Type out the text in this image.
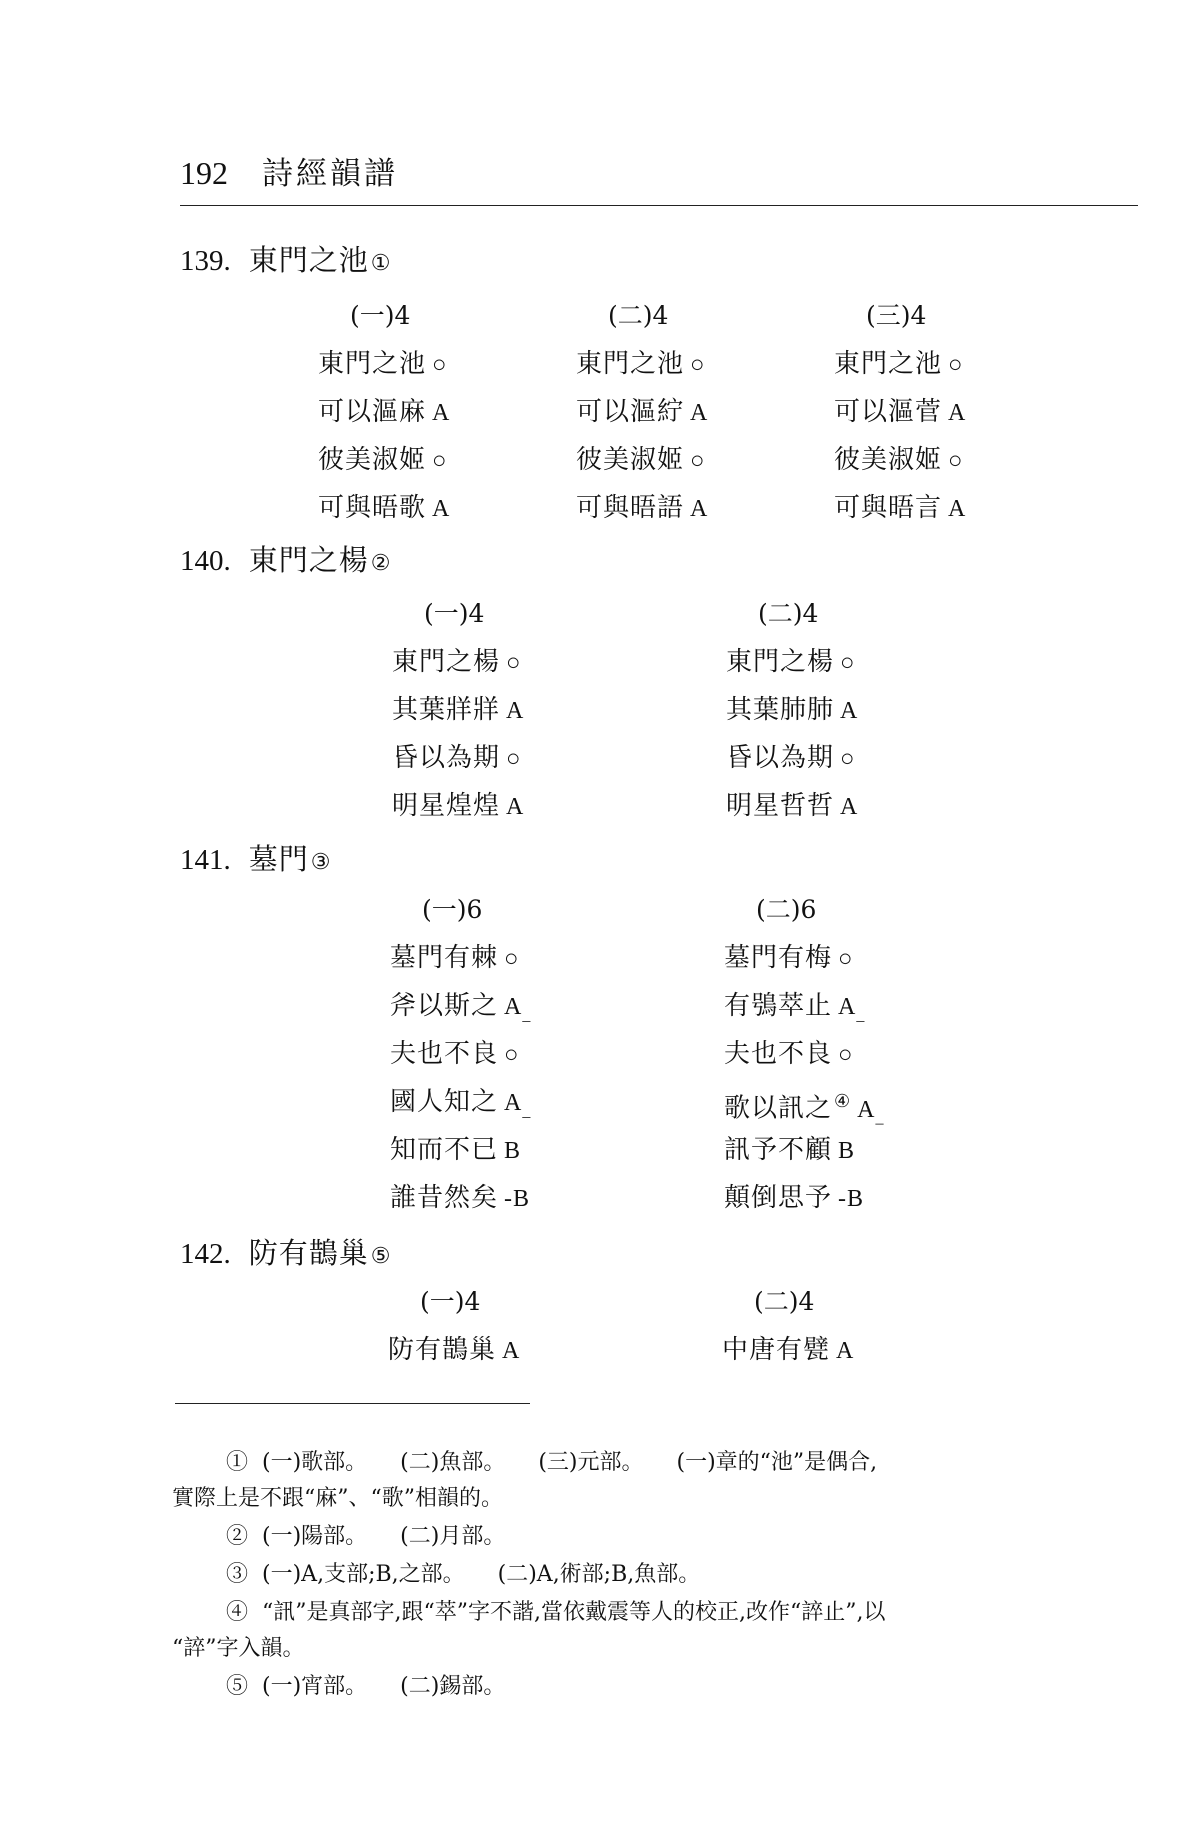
192 詩經韻譜
139. 東門之池 ①
(一)4
東門之池 ○
可以漚麻 A
彼美淑姬 ○
可與晤歌 A
(二)4
東門之池 ○
可以漚紵 A
彼美淑姬 ○
可與晤語 A
(三)4
東門之池 ○
可以漚菅 A
彼美淑姬 ○
可與晤言 A
140. 東門之楊 ②
(一)4
東門之楊 ○
其葉牂牂 A
昏以為期 ○
明星煌煌 A
(二)4
東門之楊 ○
其葉肺肺 A
昏以為期 ○
明星哲哲 A
141. 墓門 ③
(一)6
墓門有棘 ○
斧以斯之 $A_{\_}$
夫也不良 ○
國人知之 $A_{\_}$
知而不已 B
誰昔然矣 -B
(二)6
墓門有梅 ○
有鴞萃止 $A_{\_}$
夫也不良 ○
歌以訊之 ④ $A_{\_}$
訊予不顧 B
顛倒思予 -B
142. 防有鵲巢 ⑤
(一)4
防有鵲巢 A
(二)4
中唐有甓 A
① (一)歌部。　　(二)魚部。　　(三)元部。　　(一)章的“池”是偶合,
實際上是不跟“麻”、“歌”相韻的。
② (一)陽部。　　(二)月部。
③ (一)A,支部;B,之部。　　(二)A,術部;B,魚部。
④ “訊”是真部字,跟“萃”字不諧,當依戴震等人的校正,改作“誶止”,以
“誶”字入韻。
⑤ (一)宵部。　　(二)錫部。
